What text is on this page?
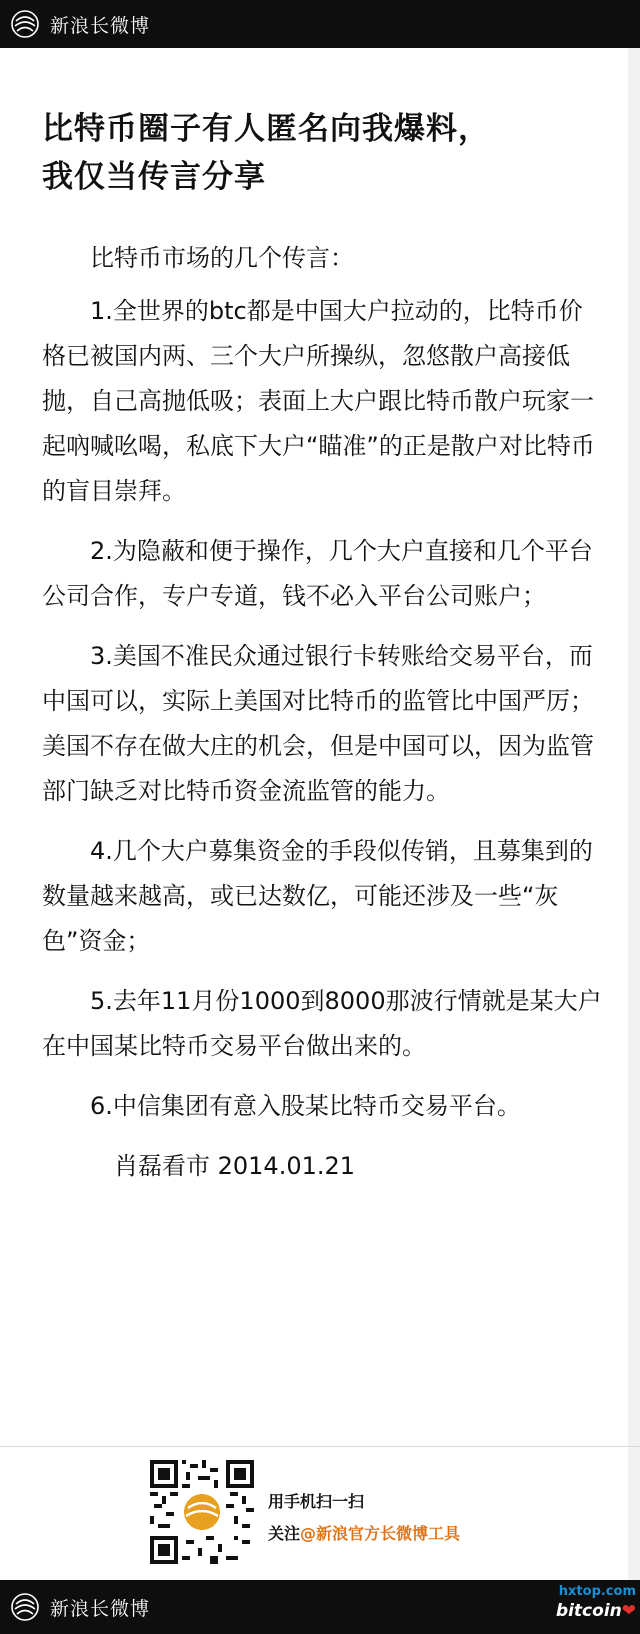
新浪长微博
比特币圈子有人匿名向我爆料，
我仅当传言分享

比特币市场的几个传言：

1.全世界的btc都是中国大户拉动的，比特币价格已被国内两、三个大户所操纵，忽悠散户高接低抛，自己高抛低吸；表面上大户跟比特币散户玩家一起吶喊吆喝，私底下大户“瞄准”的正是散户对比特币的盲目崇拜。

2.为隐蔽和便于操作，几个大户直接和几个平台公司合作，专户专道，钱不必入平台公司账户；

3.美国不准民众通过银行卡转账给交易平台，而中国可以，实际上美国对比特币的监管比中国严厉；　美国不存在做大庄的机会，但是中国可以，因为监管部门缺乏对比特币资金流监管的能力。

4.几个大户募集资金的手段似传销，且募集到的数量越来越高，或已达数亿，可能还涉及一些“灰色”资金；

5.去年11月份1000到8000那波行情就是某大户在中国某比特币交易平台做出来的。

6.中信集团有意入股某比特币交易平台。

肖磊看市 2014.01.21

用手机扫一扫
关注@新浪官方长微博工具
新浪长微博
hxtop.com
bitcoin❤
